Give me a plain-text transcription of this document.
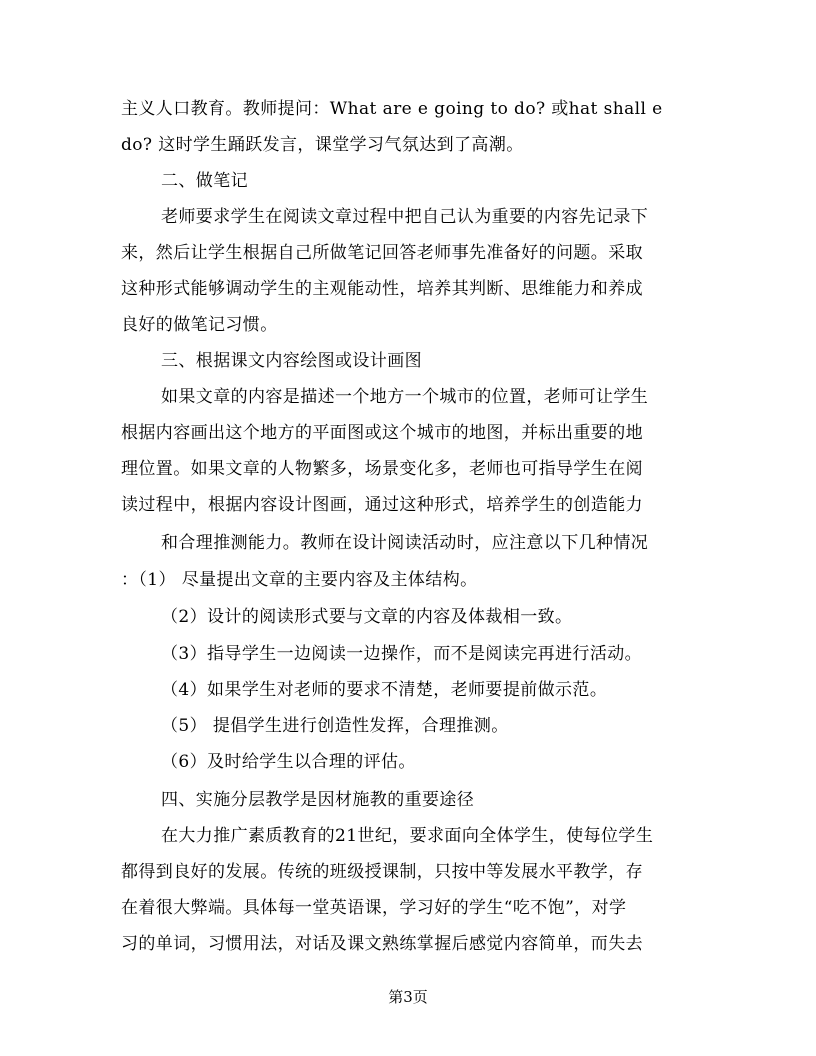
主义人口教育。教师提问：What are e going to do? 或hat shall e
do? 这时学生踊跃发言，课堂学习气氛达到了高潮。
二、做笔记
老师要求学生在阅读文章过程中把自己认为重要的内容先记录下
来，然后让学生根据自己所做笔记回答老师事先准备好的问题。采取
这种形式能够调动学生的主观能动性，培养其判断、思维能力和养成
良好的做笔记习惯。
三、根据课文内容绘图或设计画图
如果文章的内容是描述一个地方一个城市的位置，老师可让学生
根据内容画出这个地方的平面图或这个城市的地图，并标出重要的地
理位置。如果文章的人物繁多，场景变化多，老师也可指导学生在阅
读过程中，根据内容设计图画，通过这种形式，培养学生的创造能力
和合理推测能力。教师在设计阅读活动时，应注意以下几种情况
：（1） 尽量提出文章的主要内容及主体结构。
（2）设计的阅读形式要与文章的内容及体裁相一致。
（3）指导学生一边阅读一边操作，而不是阅读完再进行活动。
（4）如果学生对老师的要求不清楚，老师要提前做示范。
（5） 提倡学生进行创造性发挥，合理推测。
（6）及时给学生以合理的评估。
四、实施分层教学是因材施教的重要途径
在大力推广素质教育的21世纪，要求面向全体学生，使每位学生
都得到良好的发展。传统的班级授课制，只按中等发展水平教学，存
在着很大弊端。具体每一堂英语课，学习好的学生“吃不饱”，对学
习的单词，习惯用法，对话及课文熟练掌握后感觉内容简单，而失去
第3页
